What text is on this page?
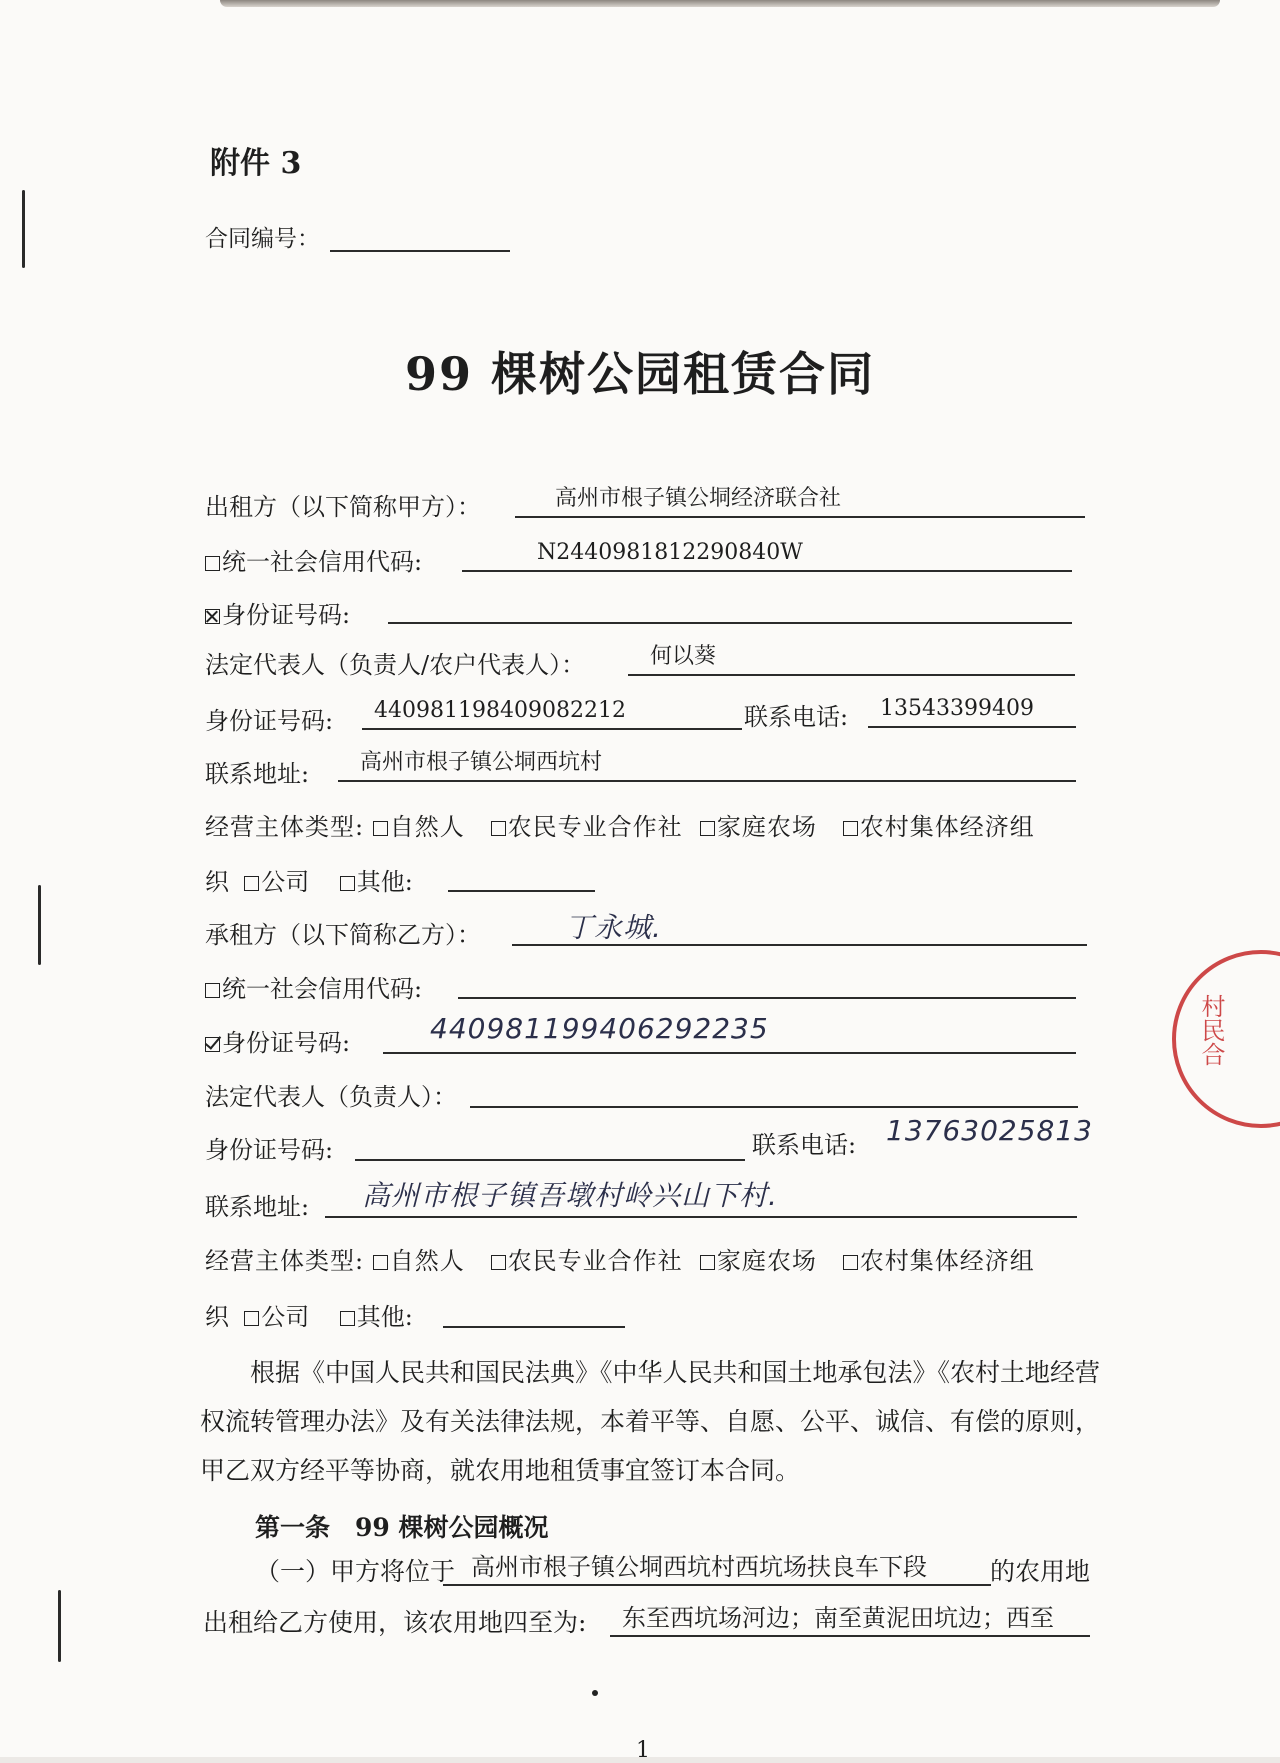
附件 3
合同编号：
99 棵树公园租赁合同
出租方（以下简称甲方）：	高州市根子镇公垌经济联合社
统一社会信用代码:	N2440981812290840W
身份证号码:
法定代表人（负责人/农户代表人）：	何以葵
身份证号码:	440981198409082212	联系电话:	13543399409
联系地址:	高州市根子镇公垌西坑村
经营主体类型: 自然人 农民专业合作社 家庭农场 农村集体经济组
织 公司 其他:
承租方（以下简称乙方）：	丁永城.
统一社会信用代码:
身份证号码:	440981199406292235
法定代表人（负责人）：
身份证号码:	联系电话: 13763025813
联系地址: 高州市根子镇吾墩村岭兴山下村.
经营主体类型: 自然人 农民专业合作社 家庭农场 农村集体经济组
织 公司 其他:
根据《中国人民共和国民法典》《中华人民共和国土地承包法》《农村土地经营权流转管理办法》及有关法律法规，本着平等、自愿、公平、诚信、有偿的原则，甲乙双方经平等协商，就农用地租赁事宜签订本合同。
第一条　99 棵树公园概况
（一）甲方将位于 高州市根子镇公垌西坑村西坑场扶良车下段	的农用地
出租给乙方使用，该农用地四至为:	东至西坑场河边；南至黄泥田坑边；西至
村民合
1
